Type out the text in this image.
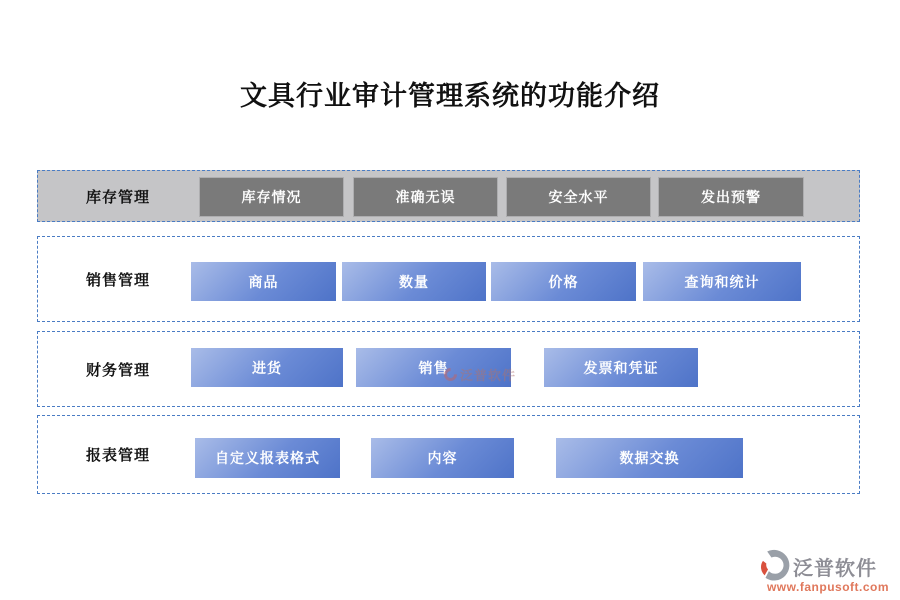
文具行业审计管理系统的功能介绍
库存管理	库存情况	准确无误	安全水平	发出预警
销售管理	商品	数量	价格	查询和统计
财务管理	进货	销售	发票和凭证
报表管理	自定义报表格式	内容	数据交换
泛普软件
泛普软件
www.fanpusoft.com
